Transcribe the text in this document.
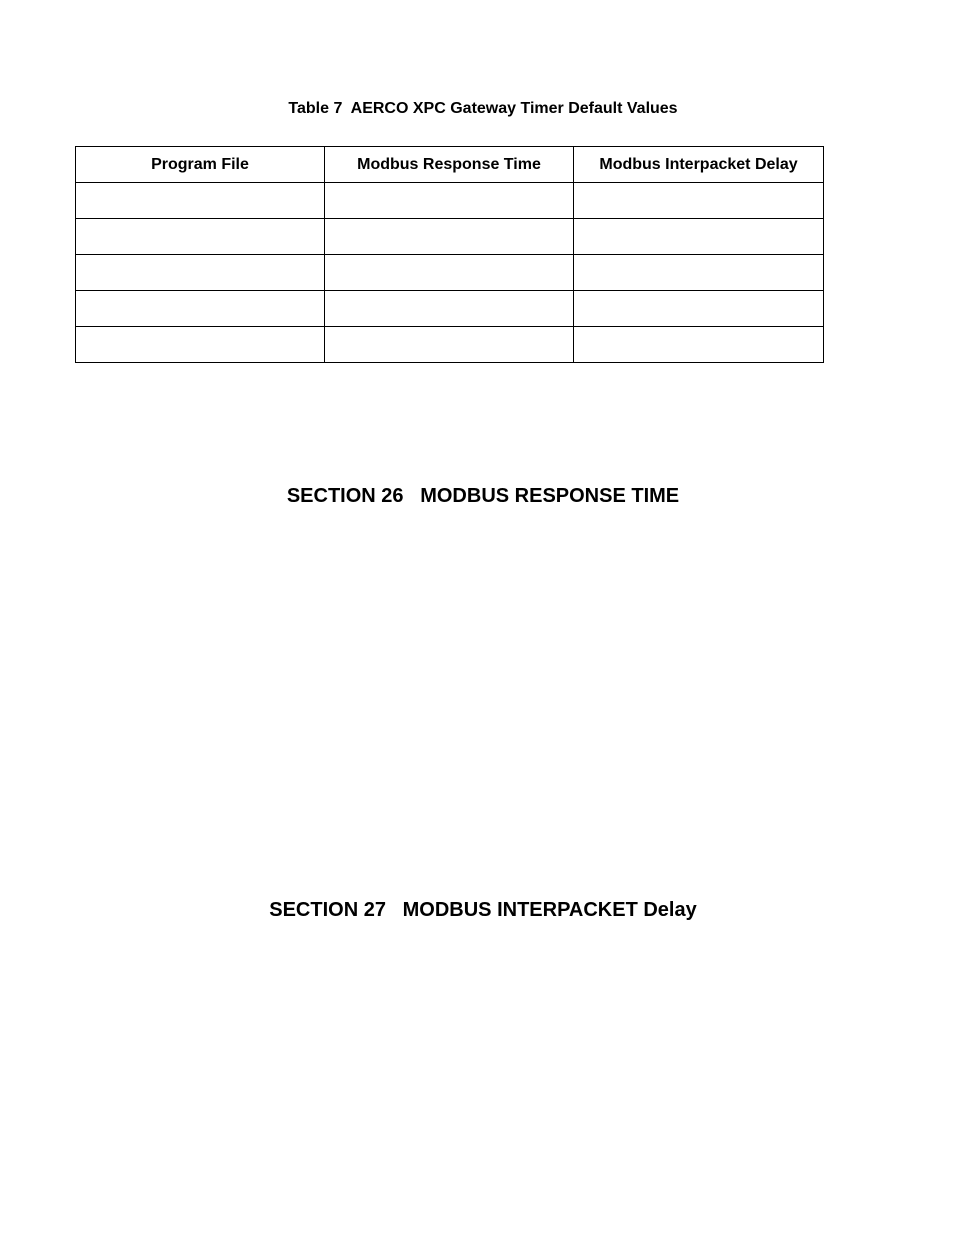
Table 7  AERCO XPC Gateway Timer Default Values
Program File	Modbus Response Time	Modbus Interpacket Delay

SECTION 26   MODBUS RESPONSE TIME
SECTION 27   MODBUS INTERPACKET Delay
